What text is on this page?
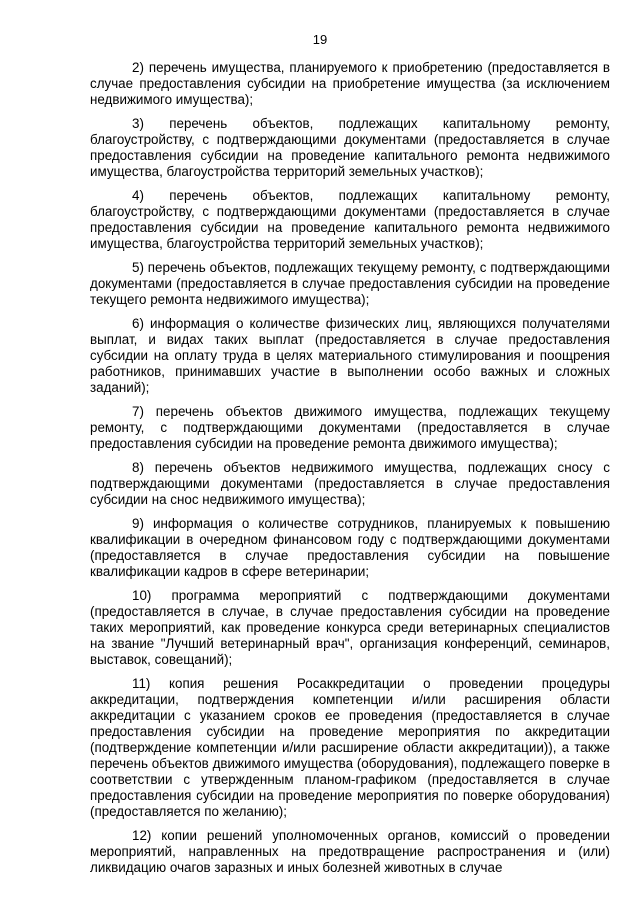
19

2) перечень имущества, планируемого к приобретению (предоставляется в случае предоставления субсидии на приобретение имущества (за исключением недвижимого имущества);

3) перечень объектов, подлежащих капитальному ремонту, благоустройству, с подтверждающими документами (предоставляется в случае предоставления субсидии на проведение капитального ремонта недвижимого имущества, благоустройства территорий земельных участков);

4) перечень объектов, подлежащих капитальному ремонту, благоустройству, с подтверждающими документами (предоставляется в случае предоставления субсидии на проведение капитального ремонта недвижимого имущества, благоустройства территорий земельных участков);

5) перечень объектов, подлежащих текущему ремонту, с подтверждающими документами (предоставляется в случае предоставления субсидии на проведение текущего ремонта недвижимого имущества);

6) информация о количестве физических лиц, являющихся получателями выплат, и видах таких выплат (предоставляется в случае предоставления субсидии на оплату труда в целях материального стимулирования и поощрения работников, принимавших участие в выполнении особо важных и сложных заданий);

7) перечень объектов движимого имущества, подлежащих текущему ремонту, с подтверждающими документами (предоставляется в случае предоставления субсидии на проведение ремонта движимого имущества);

8) перечень объектов недвижимого имущества, подлежащих сносу с подтверждающими документами (предоставляется в случае предоставления субсидии на снос недвижимого имущества);

9) информация о количестве сотрудников, планируемых к повышению квалификации в очередном финансовом году с подтверждающими документами (предоставляется в случае предоставления субсидии на повышение квалификации кадров в сфере ветеринарии;

10) программа мероприятий с подтверждающими документами (предоставляется в случае, в случае предоставления субсидии на проведение таких мероприятий, как проведение конкурса среди ветеринарных специалистов на звание "Лучший ветеринарный врач", организация конференций, семинаров, выставок, совещаний);

11) копия решения Росаккредитации о проведении процедуры аккредитации, подтверждения компетенции и/или расширения области аккредитации с указанием сроков ее проведения (предоставляется в случае предоставления субсидии на проведение мероприятия по аккредитации (подтверждение компетенции и/или расширение области аккредитации)), а также перечень объектов движимого имущества (оборудования), подлежащего поверке в соответствии с утвержденным планом-графиком (предоставляется в случае предоставления субсидии на проведение мероприятия по поверке оборудования) (предоставляется по желанию);

12) копии решений уполномоченных органов, комиссий о проведении мероприятий, направленных на предотвращение распространения и (или) ликвидацию очагов заразных и иных болезней животных в случае
